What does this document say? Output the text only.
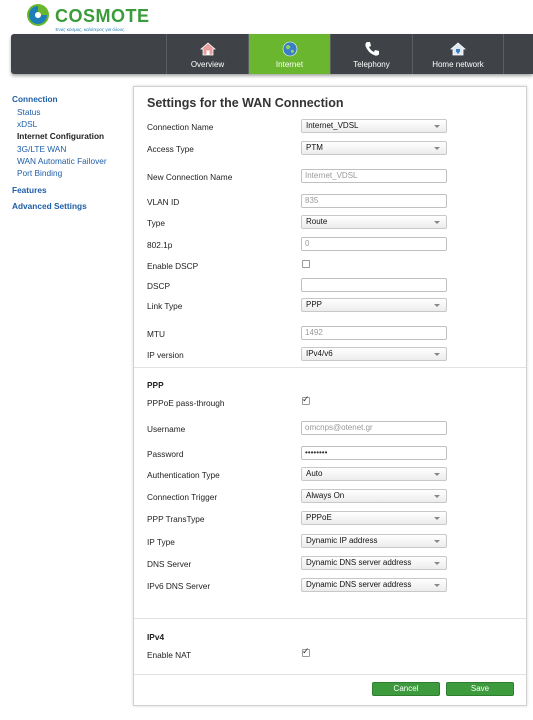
COSMOTE
Ένας κόσμος, καλύτερος για όλους.
Overview	Internet	Telephony	Home network
Connection
Status
xDSL
Internet Configuration
3G/LTE WAN
WAN Automatic Failover
Port Binding
Features
Advanced Settings
Settings for the WAN Connection
Connection Name	Internet_VDSL
Access Type	PTM
New Connection Name	Internet_VDSL
VLAN ID	835
Type	Route
802.1p	0
Enable DSCP
DSCP
Link Type	PPP
MTU	1492
IP version	IPv4/v6
PPP
PPPoE pass-through	✓
Username	omcnps@otenet.gr
Password	••••••••
Authentication Type	Auto
Connection Trigger	Always On
PPP TransType	PPPoE
IP Type	Dynamic IP address
DNS Server	Dynamic DNS server address
IPv6 DNS Server	Dynamic DNS server address
IPv4
Enable NAT	✓
Cancel	Save
